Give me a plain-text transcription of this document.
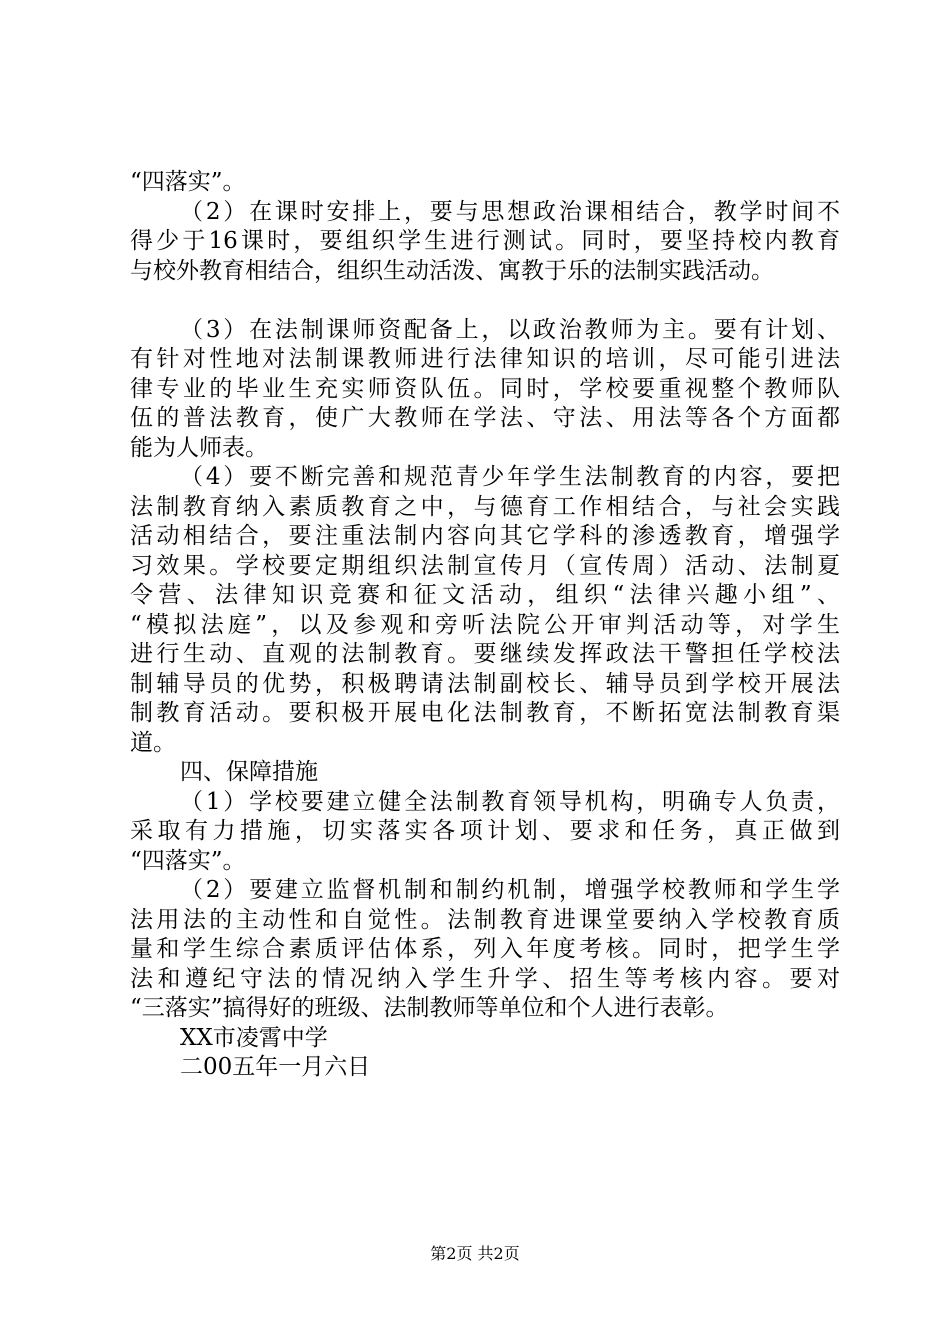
“四落实”。
（2）在课时安排上，要与思想政治课相结合，教学时间不
得少于16课时，要组织学生进行测试。同时，要坚持校内教育
与校外教育相结合，组织生动活泼、寓教于乐的法制实践活动。
（3）在法制课师资配备上，以政治教师为主。要有计划、
有针对性地对法制课教师进行法律知识的培训，尽可能引进法
律专业的毕业生充实师资队伍。同时，学校要重视整个教师队
伍的普法教育，使广大教师在学法、守法、用法等各个方面都
能为人师表。
（4）要不断完善和规范青少年学生法制教育的内容，要把
法制教育纳入素质教育之中，与德育工作相结合，与社会实践
活动相结合，要注重法制内容向其它学科的渗透教育，增强学
习效果。学校要定期组织法制宣传月（宣传周）活动、法制夏
令营、法律知识竞赛和征文活动，组织“法律兴趣小组”、
“模拟法庭”，以及参观和旁听法院公开审判活动等，对学生
进行生动、直观的法制教育。要继续发挥政法干警担任学校法
制辅导员的优势，积极聘请法制副校长、辅导员到学校开展法
制教育活动。要积极开展电化法制教育，不断拓宽法制教育渠
道。
四、保障措施
（1）学校要建立健全法制教育领导机构，明确专人负责，
采取有力措施，切实落实各项计划、要求和任务，真正做到
“四落实”。
（2）要建立监督机制和制约机制，增强学校教师和学生学
法用法的主动性和自觉性。法制教育进课堂要纳入学校教育质
量和学生综合素质评估体系，列入年度考核。同时，把学生学
法和遵纪守法的情况纳入学生升学、招生等考核内容。要对
“三落实”搞得好的班级、法制教师等单位和个人进行表彰。
XX市凌霄中学
二00五年一月六日
第2页 共2页
